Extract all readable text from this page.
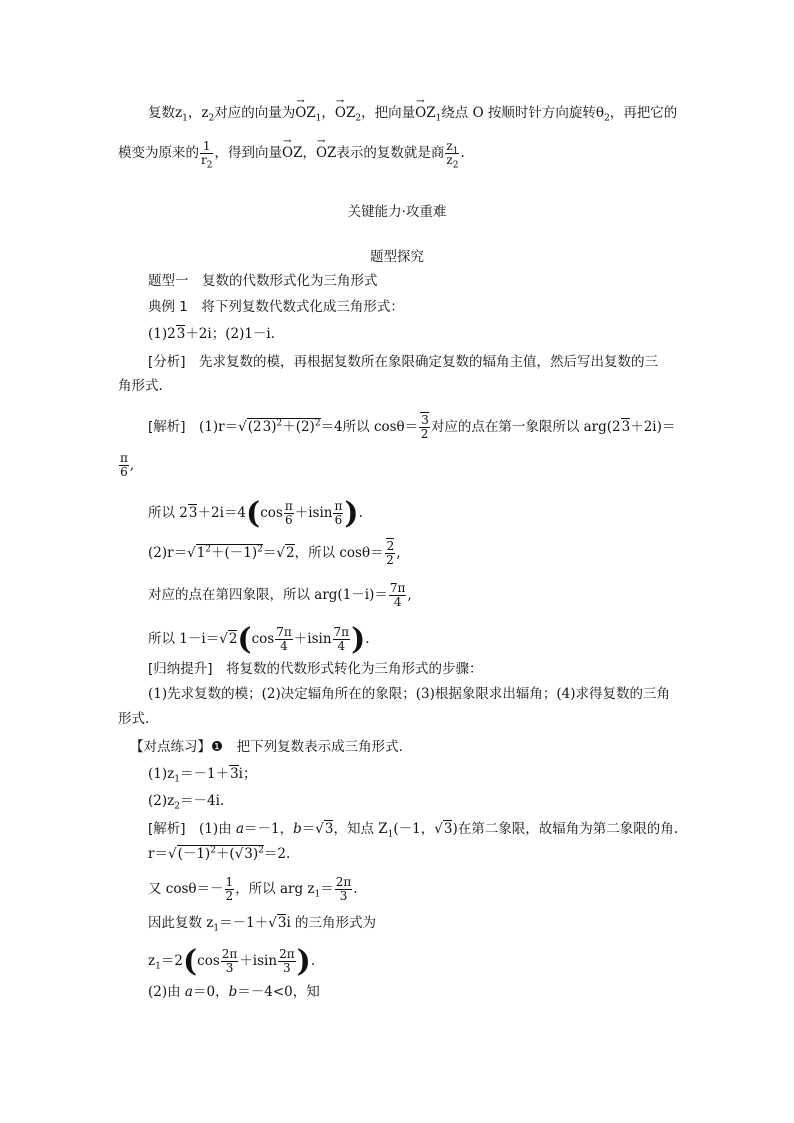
复数$z_1$，$z_2$对应的向量为→ $OZ_1$，→ $OZ_2$，把向量→ $OZ_1$绕点 O 按顺时针方向旋转$\theta_2$，再把它的
模变为原来的 $\frac{1}{r_2}$ ，得到向量→ OZ，→ OZ表示的复数就是商 $\frac{z_1}{z_2}$ .
关键能力·攻重难
题型探究
题型一　复数的代数形式化为三角形式
典例 1　 将下列复数代数式化成三角形式：
(1)23＋2i；(2)1－i.
[分析]　 先求复数的模，再根据复数所在象限确定复数的辐角主值，然后写出复数的三
角形式.
[解析]　$(1)r=√(23)^2+(2)^2=4$所以 $\cos\theta= \frac{3}{2}$ 对应的点在第一象限所以 arg(23＋2i)＝
$\frac{\pi}{6}$ ,
所以 $23+2i=4(\cos \frac{\pi}{6} +isin \frac{\pi}{6}$ ).
$(2)r=√1^2+(-1)^2=√2$，所以 $\cos\theta= \frac{2}{2}$ ,
对应的点在第四象限，所以 $arg(1-i)= \frac{7\pi}{4}$ ,
所以 $1-i=√2(\cos \frac{7\pi}{4} +isin \frac{7\pi}{4}$ ).
[归纳提升]　 将复数的代数形式转化为三角形式的步骤：
(1)先求复数的模；(2)决定辐角所在的象限；(3)根据象限求出辐角；(4)求得复数的三角
形式.
【对点练习】❶　 把下列复数表示成三角形式.
$(1)z_1=-1+3i$；
$(2)z_2=-4i$.
[解析]　(1)由 a＝－1，b＝√3，知点 $Z_1(-1$，√3)在第二象限，故辐角为第二象限的角.
$r=√(-1)^2+(√3)^2=2$.
又 $\cos\theta=- \frac{1}{2}$ ，所以 arg $z_1= \frac{2\pi}{3}$ .
因此复数 $z_1=-1+√3i$ 的三角形式为
$z_1=2(\cos \frac{2\pi}{3} +isin \frac{2\pi}{3}$ ).
(2)由 a＝0，b＝－4<0，知
